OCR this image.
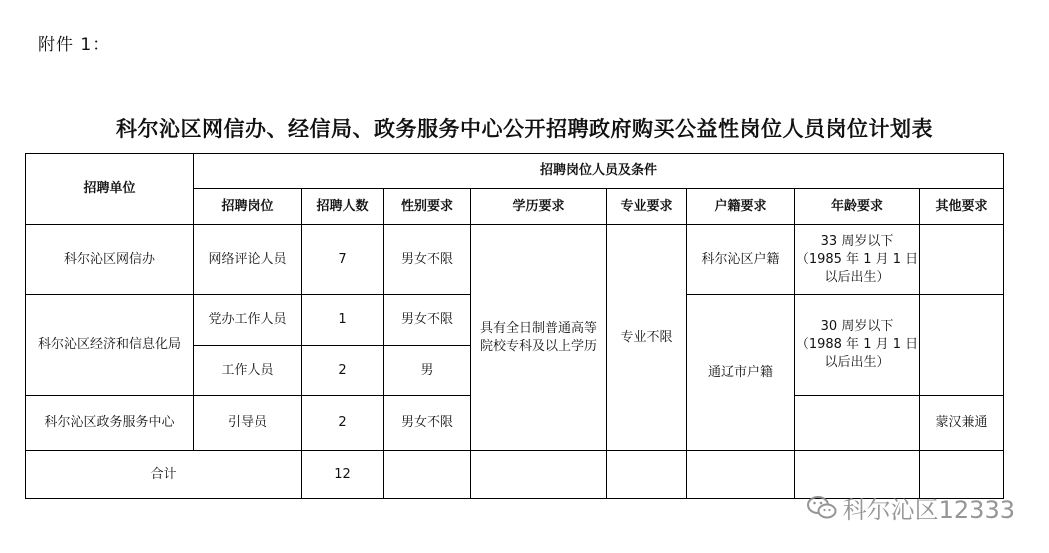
附件 1：
科尔沁区网信办、经信局、政务服务中心公开招聘政府购买公益性岗位人员岗位计划表
招聘单位	招聘岗位人员及条件							
	招聘岗位	招聘人数	性别要求	学历要求	专业要求	户籍要求	年龄要求	其他要求
科尔沁区网信办	网络评论人员	7	男女不限	具有全日制普通高等院校专科及以上学历	专业不限	科尔沁区户籍	33 周岁以下
（1985 年 1 月 1 日
以后出生）	

科尔沁区经济和信息化局	党办工作人员	1	男女不限			通辽市户籍	30 周岁以下
（1988 年 1 月 1 日
以后出生）	

	工作人员	2	男					
科尔沁区政务服务中心	引导员	2	男女不限					蒙汉兼通
合计		12						
科尔沁区12333
